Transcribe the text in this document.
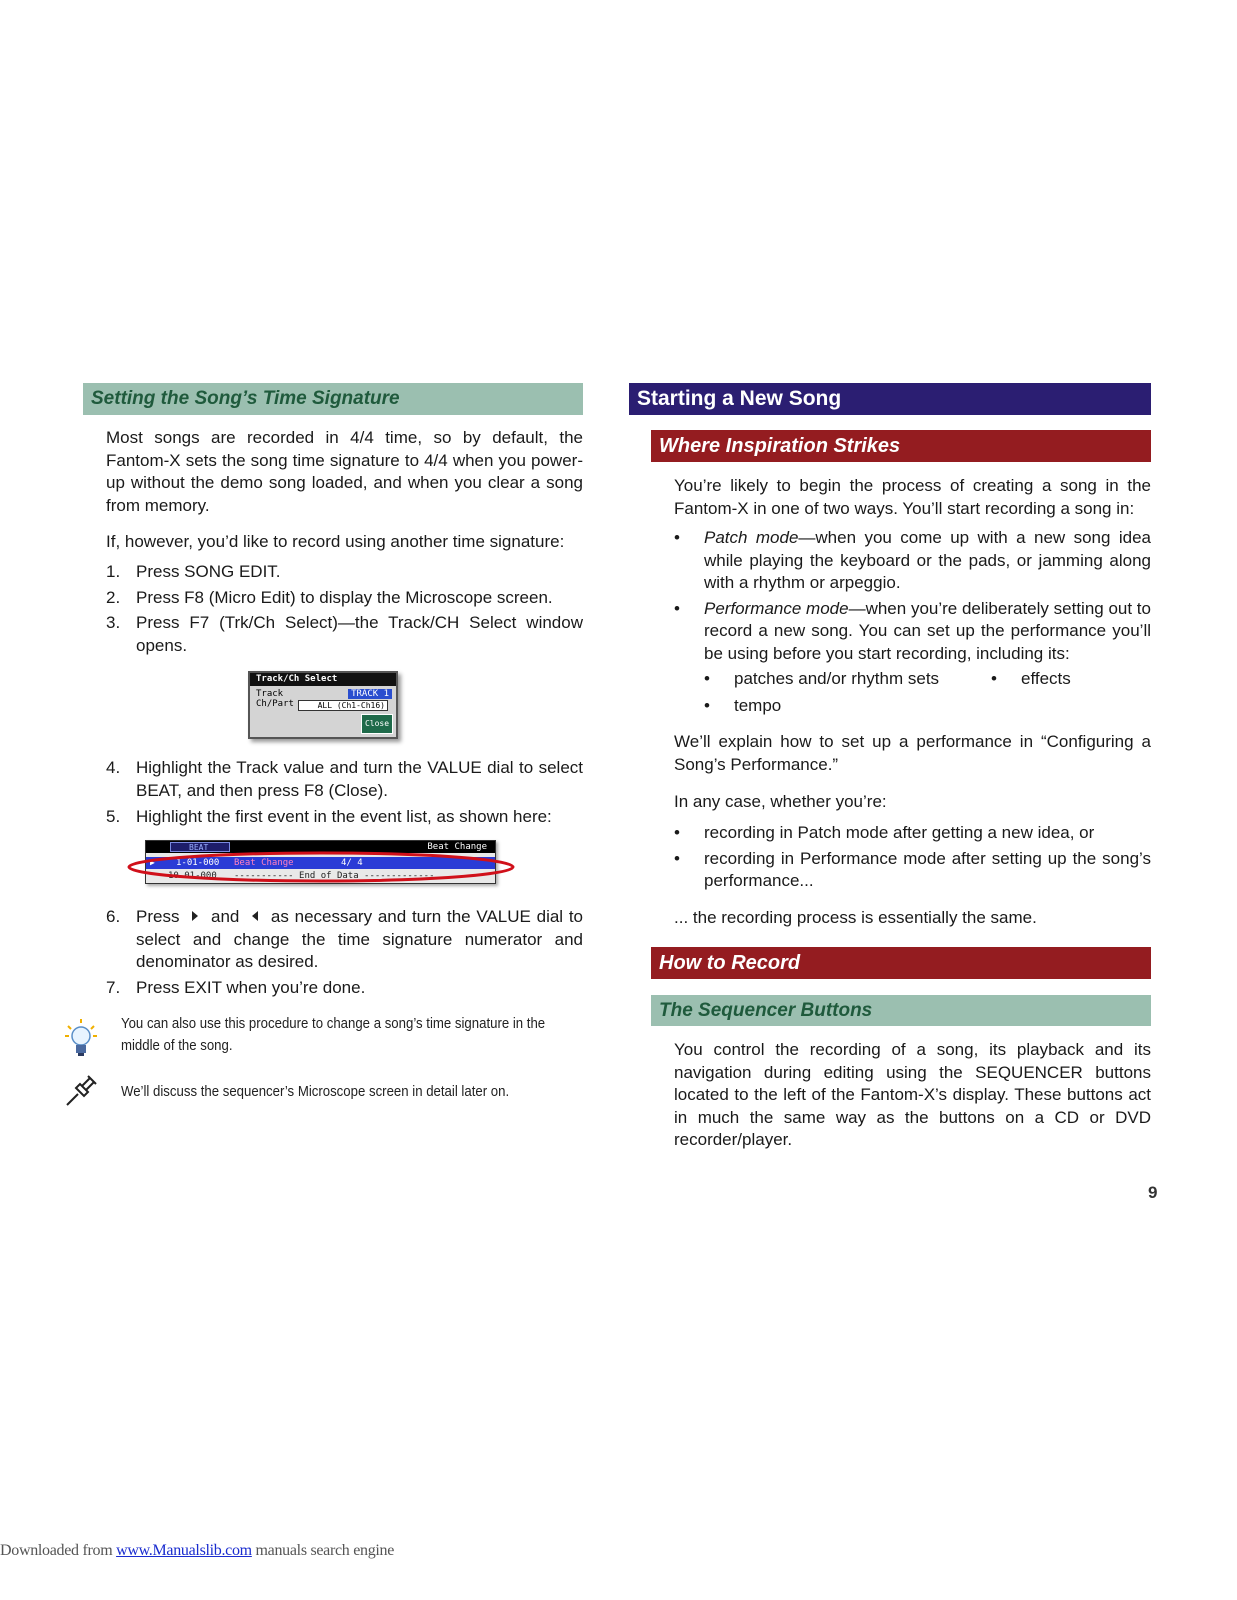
Setting the Song’s Time Signature

Most songs are recorded in 4/4 time, so by default, the Fantom-X sets the song time signature to 4/4 when you power-up without the demo song loaded, and when you clear a song from memory.

If, however, you’d like to record using another time signature:

1. Press SONG EDIT.
2. Press F8 (Micro Edit) to display the Microscope screen.
3. Press F7 (Trk/Ch Select)—the Track/CH Select window opens.
Track/Ch Select
Track	TRACK 1
Ch/Part	ALL (Ch1-Ch16)
Close
4. Highlight the Track value and turn the VALUE dial to select BEAT, and then press F8 (Close).
5. Highlight the first event in the event list, as shown here:
BEAT	Beat Change
▶ 1-01-000 Beat Change	4/ 4
10-01-000 ----------- End of Data -------------
6. Press and as necessary and turn the VALUE dial to select and change the time signature numerator and denominator as desired.
7. Press EXIT when you’re done.
You can also use this procedure to change a song’s time signature in the middle of the song.
We’ll discuss the sequencer’s Microscope screen in detail later on.
Starting a New Song
Where Inspiration Strikes

You’re likely to begin the process of creating a song in the Fantom-X in one of two ways. You’ll start recording a song in:

• Patch mode—when you come up with a new song idea while playing the keyboard or the pads, or jamming along with a rhythm or arpeggio.
• Performance mode—when you’re deliberately setting out to record a new song. You can set up the performance you’ll be using before you start recording, including its:
• patches and/or rhythm sets	• effects
• tempo

We’ll explain how to set up a performance in “Configuring a Song’s Performance.”

In any case, whether you’re:

• recording in Patch mode after getting a new idea, or
• recording in Performance mode after setting up the song’s performance...

... the recording process is essentially the same.

How to Record
The Sequencer Buttons

You control the recording of a song, its playback and its navigation during editing using the SEQUENCER buttons located to the left of the Fantom-X’s display. These buttons act in much the same way as the buttons on a CD or DVD recorder/player.

9
Downloaded from www.Manualslib.com manuals search engine
